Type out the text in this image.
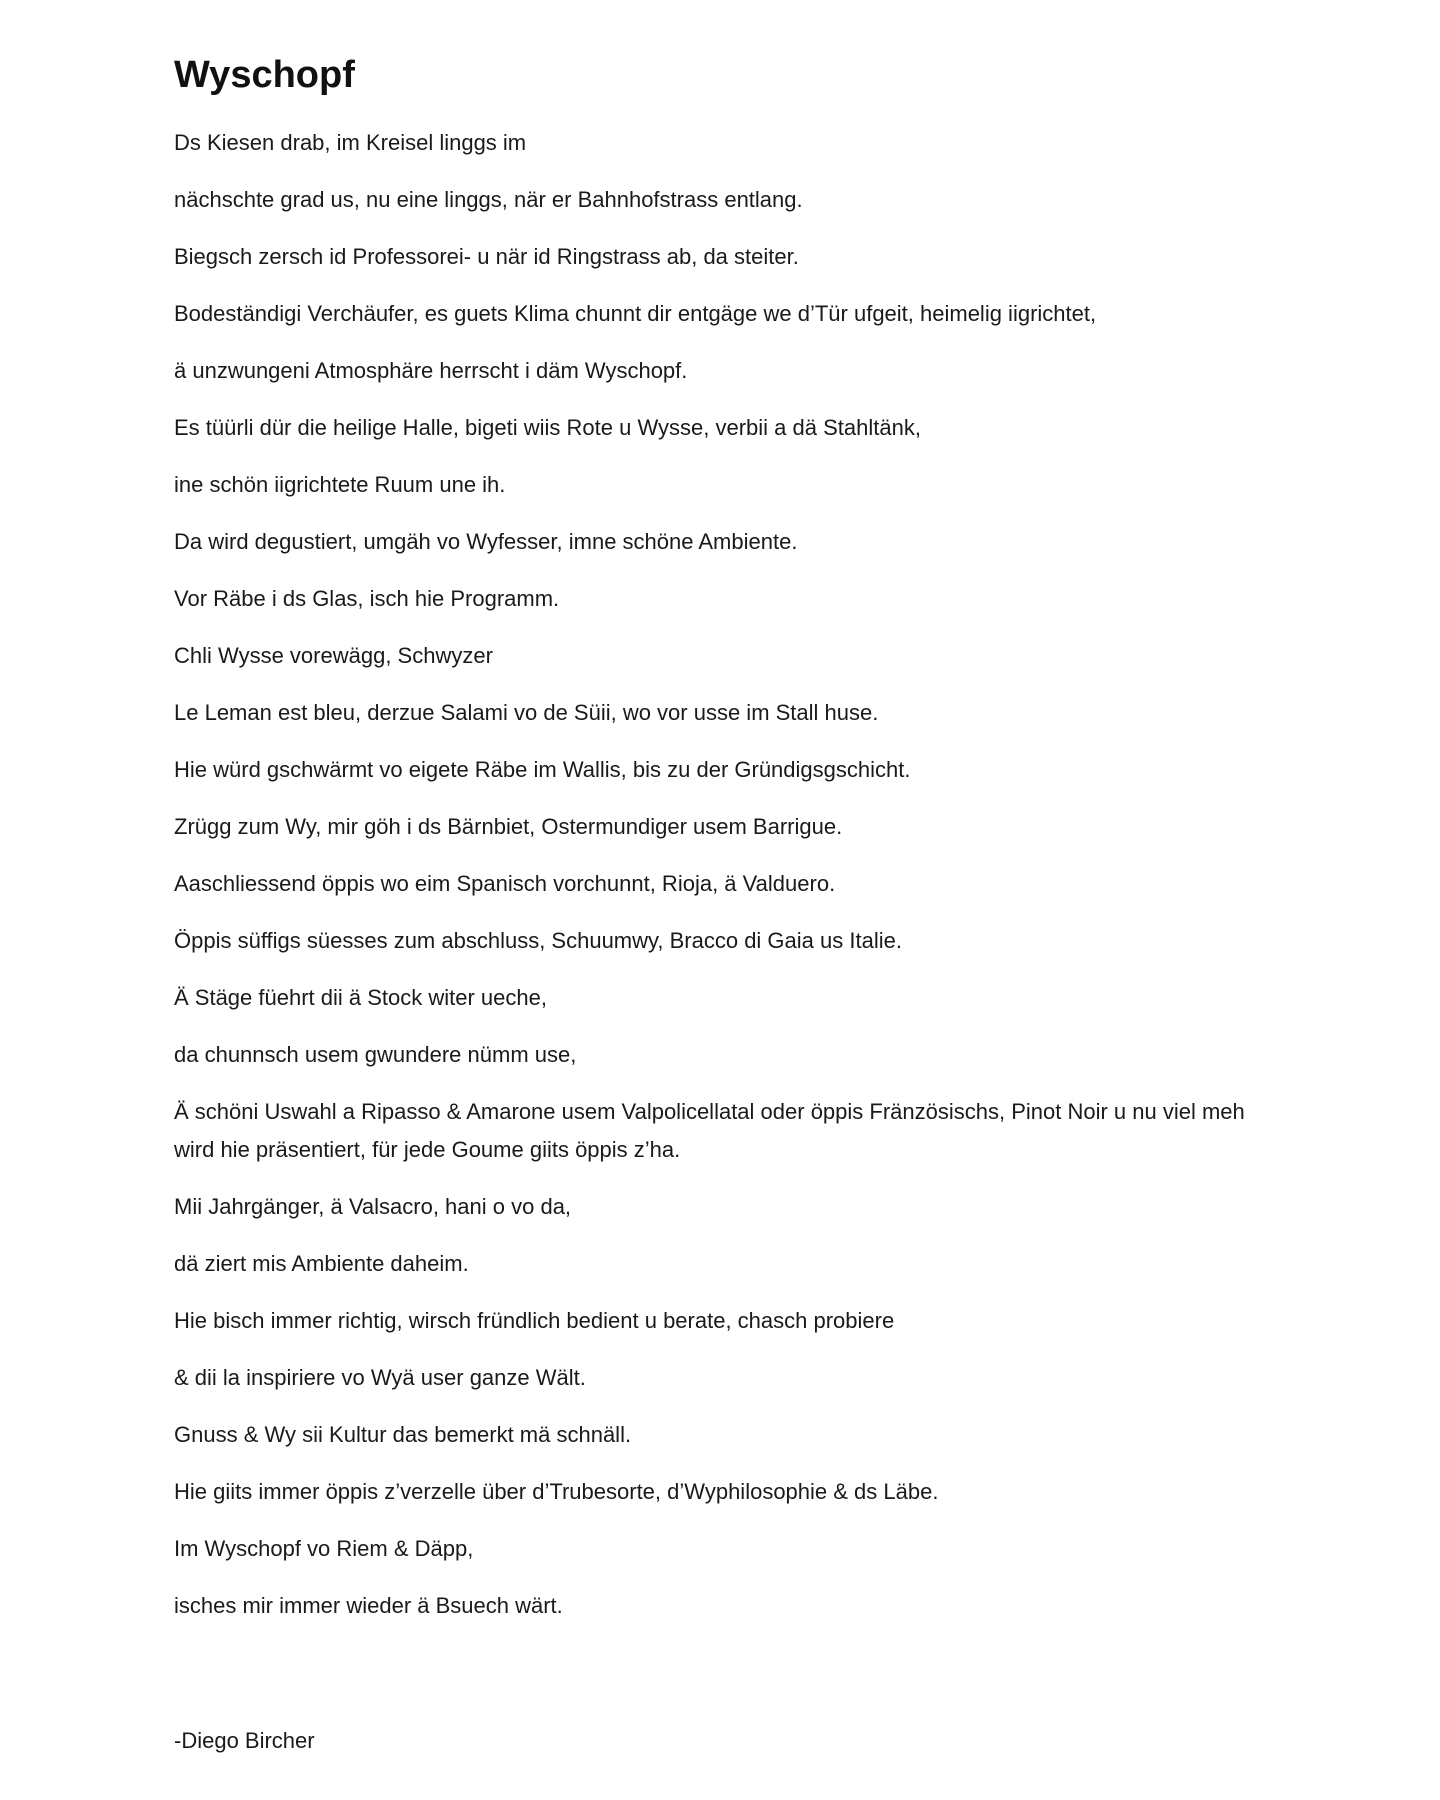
Wyschopf

Ds Kiesen drab, im Kreisel linggs im

nächschte grad us, nu eine linggs, när er Bahnhofstrass entlang.

Biegsch zersch id Professorei- u när id Ringstrass ab, da steiter.

Bodeständigi Verchäufer, es guets Klima chunnt dir entgäge we d’Tür ufgeit, heimelig iigrichtet,

ä unzwungeni Atmosphäre herrscht i däm Wyschopf.

Es tüürli dür die heilige Halle, bigeti wiis Rote u Wysse, verbii a dä Stahltänk,

ine schön iigrichtete Ruum une ih.

Da wird degustiert, umgäh vo Wyfesser, imne schöne Ambiente.

Vor Räbe i ds Glas, isch hie Programm.

Chli Wysse vorewägg, Schwyzer

Le Leman est bleu, derzue Salami vo de Süii, wo vor usse im Stall huse.

Hie würd gschwärmt vo eigete Räbe im Wallis, bis zu der Gründigsgschicht.

Zrügg zum Wy, mir göh i ds Bärnbiet, Ostermundiger usem Barrigue.

Aaschliessend öppis wo eim Spanisch vorchunnt, Rioja, ä Valduero.

Öppis süffigs süesses zum abschluss, Schuumwy, Bracco di Gaia us Italie.

Ä Stäge füehrt dii ä Stock witer ueche,

da chunnsch usem gwundere nümm use,

Ä schöni Uswahl a Ripasso & Amarone usem Valpolicellatal oder öppis Fränzösischs, Pinot Noir u nu viel meh wird hie präsentiert, für jede Goume giits öppis z’ha.

Mii Jahrgänger, ä Valsacro, hani o vo da,

dä ziert mis Ambiente daheim.

Hie bisch immer richtig, wirsch fründlich bedient u berate, chasch probiere

& dii la inspiriere vo Wyä user ganze Wält.

Gnuss & Wy sii Kultur das bemerkt mä schnäll.

Hie giits immer öppis z’verzelle über d’Trubesorte, d’Wyphilosophie & ds Läbe.

Im Wyschopf vo Riem & Däpp,

isches mir immer wieder ä Bsuech wärt.

-Diego Bircher
